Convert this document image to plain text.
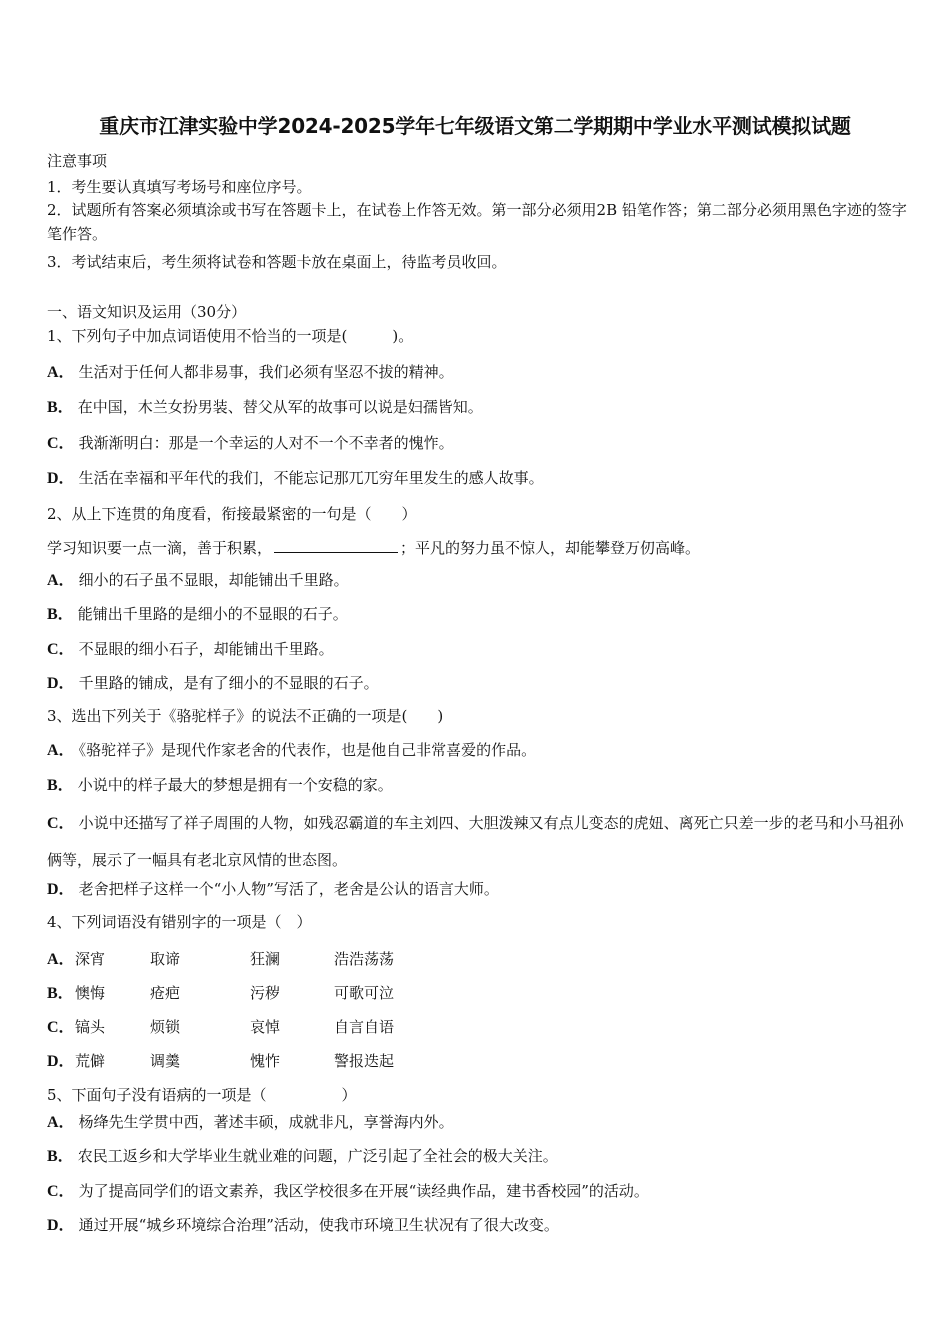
重庆市江津实验中学2024-2025学年七年级语文第二学期期中学业水平测试模拟试题
注意事项
1．考生要认真填写考场号和座位序号。
2．试题所有答案必须填涂或书写在答题卡上，在试卷上作答无效。第一部分必须用2B 铅笔作答；第二部分必须用黑色字迹的签字笔作答。
3．考试结束后，考生须将试卷和答题卡放在桌面上，待监考员收回。
一、语文知识及运用（30分）
1、下列句子中加点词语使用不恰当的一项是(　　　)。
A． 生活对于任何人都非易事，我们必须有坚忍不拔的精神。
B． 在中国，木兰女扮男装、替父从军的故事可以说是妇孺皆知。
C． 我渐渐明白：那是一个幸运的人对不一个不幸者的愧怍。
D． 生活在幸福和平年代的我们，不能忘记那兀兀穷年里发生的感人故事。
2、从上下连贯的角度看，衔接最紧密的一句是（　　）
学习知识要一点一滴，善于积累，	；平凡的努力虽不惊人，却能攀登万仞高峰。
A． 细小的石子虽不显眼，却能铺出千里路。
B． 能铺出千里路的是细小的不显眼的石子。
C． 不显眼的细小石子，却能铺出千里路。
D． 千里路的铺成，是有了细小的不显眼的石子。
3、选出下列关于《骆驼样子》的说法不正确的一项是(　　)
A． 《骆驼祥子》是现代作家老舍的代表作，也是他自己非常喜爱的作品。
B． 小说中的样子最大的梦想是拥有一个安稳的家。
C． 小说中还描写了祥子周围的人物，如残忍霸道的车主刘四、大胆泼辣又有点儿变态的虎妞、离死亡只差一步的老马和小马祖孙俩等，展示了一幅具有老北京风情的世态图。
D． 老舍把样子这样一个“小人物”写活了，老舍是公认的语言大师。
4、下列词语没有错别字的一项是（　）
A． 深宵	取谛	狂澜	浩浩荡荡
B． 懊悔	疮疤	污秽	可歌可泣
C． 镐头	烦锁	哀悼	自言自语
D． 荒僻	调羹	愧怍	警报迭起
5、下面句子没有语病的一项是（　　　　　）
A． 杨绛先生学贯中西，著述丰硕，成就非凡，享誉海内外。
B． 农民工返乡和大学毕业生就业难的问题，广泛引起了全社会的极大关注。
C． 为了提高同学们的语文素养，我区学校很多在开展“读经典作品，建书香校园”的活动。
D． 通过开展“城乡环境综合治理”活动，使我市环境卫生状况有了很大改变。
